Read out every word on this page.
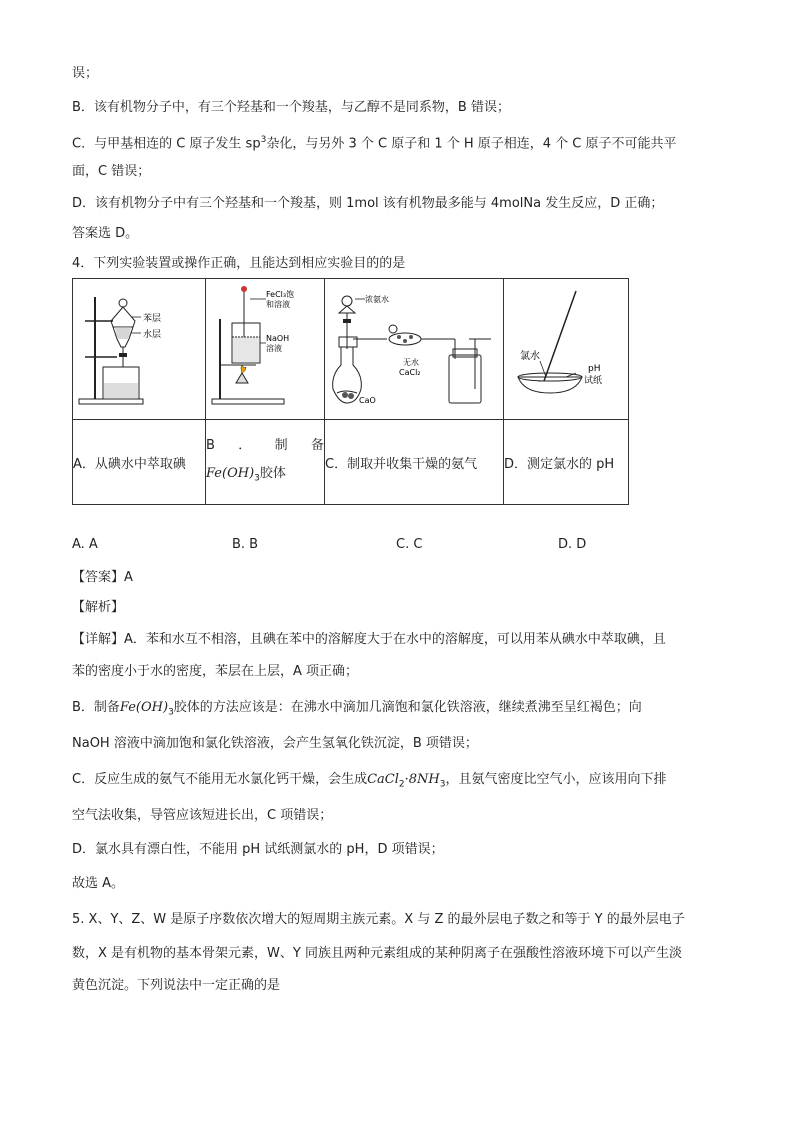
误；
B．该有机物分子中，有三个羟基和一个羧基，与乙醇不是同系物，B 错误；
C．与甲基相连的 C 原子发生 $sp^3$杂化，与另外 3 个 C 原子和 1 个 H 原子相连，4 个 C 原子不可能共平
面，C 错误；
D．该有机物分子中有三个羟基和一个羧基，则 1mol 该有机物最多能与 4molNa 发生反应，D 正确；
答案选 D。
4．下列实验装置或操作正确，且能达到相应实验目的的是
苯层
水层	FeCl₃饱
和溶液
NaOH
溶液	浓氨水
CaO
无水
CaCl₂	氯水
pH
试纸

A．从碘水中萃取碘	B ． 制 备
$Fe(OH)_3$胶体	C．制取并收集干燥的氨气	D．测定氯水的 pH
A. A	B. B	C. C	D. D
【答案】A
【解析】
【详解】A．苯和水互不相溶，且碘在苯中的溶解度大于在水中的溶解度，可以用苯从碘水中萃取碘，且
苯的密度小于水的密度，苯层在上层，A 项正确；
B．制备$Fe(OH)_3$胶体的方法应该是：在沸水中滴加几滴饱和氯化铁溶液，继续煮沸至呈红褐色；向
NaOH 溶液中滴加饱和氯化铁溶液，会产生氢氧化铁沉淀，B 项错误；
C．反应生成的氨气不能用无水氯化钙干燥，会生成$CaCl_2\cdot 8NH_3$，且氨气密度比空气小，应该用向下排
空气法收集，导管应该短进长出，C 项错误；
D．氯水具有漂白性，不能用 pH 试纸测氯水的 pH，D 项错误；
故选 A。
5. X、Y、Z、W 是原子序数依次增大的短周期主族元素。X 与 Z 的最外层电子数之和等于 Y 的最外层电子
数，X 是有机物的基本骨架元素，W、Y 同族且两种元素组成的某种阴离子在强酸性溶液环境下可以产生淡
黄色沉淀。下列说法中一定正确的是
